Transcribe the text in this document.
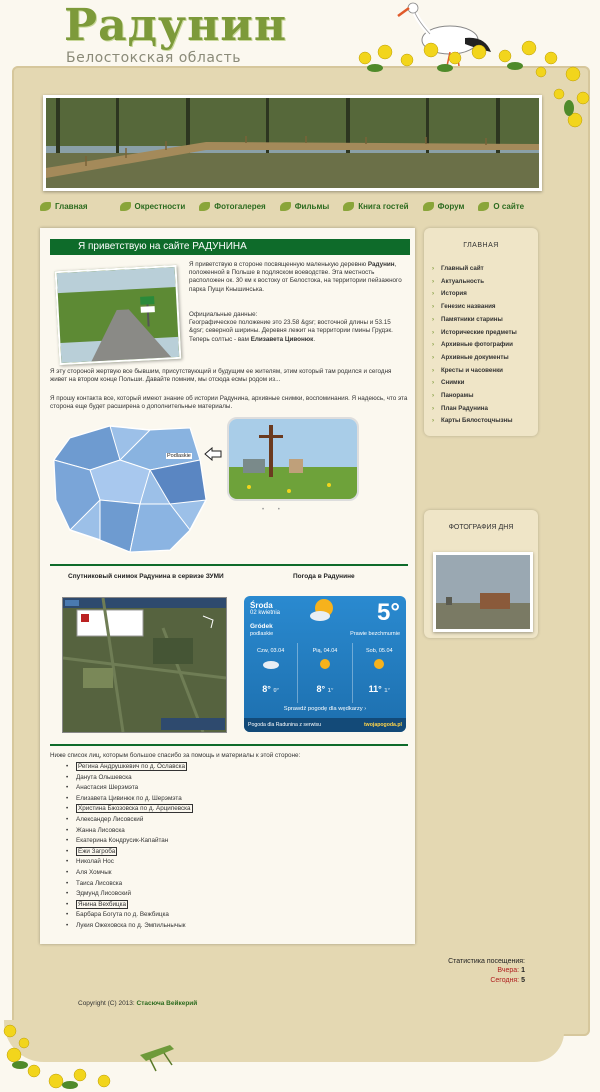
Радунин
Белостокская область
Главная	Окрестности	Фотогалерея	Фильмы	Книга гостей	Форум	О сайте
Я приветствую на сайте РАДУНИНА
Я приветствую в стороне посвященную маленькую деревню Радунин, положенной в Польше в подляском воеводстве. Эта местность расположен ок. 30 км к востоку от Белостока, на территории пейзажного парка Пущи Кнышинська.
Официальные данные:
Географическое положение это 23.58 &gsr; восточной длины и 53.15 &gsr; северной ширины. Деревня лежит на территории гмины Грудэк. Теперь солтыс - вам Елизавета Цивонюк.
Я эту стороной жертвую все бывшим, присутствующий и будущим ее жителям, этим который там родился и сегодня живет на втором конце Польши. Давайте помним, мы отсюда есмы родом из...
Я прошу контакта все, который имеют знание об истории Радунина, архивные снимки, воспоминания. Я надеюсь, что эта сторона еще будет расширена о дополнительные материалы.
Podlaskie
• •
Спутниковый снимок Радунина в сервизе ЗУМИ	Погода в Радунине
Środa
02 kwietnia	5°
Gródek
podlaskie	Prawie bezchmurnie
Czw, 03.04
8° 0°
Pią, 04.04
8° 1°
Sob, 05.04
11° 1°
Sprawdź pogodę dla wędkarzy ›
Pogoda dla Radunina z serwisu	twojapogoda.pl
Ниже список лиц, которым большое спасибо за помощь и материалы к этой стороне:
• Регина Андрушкевич по д. Ославска
• Данута Ольшевска
• Анастасия Шерэмэта
• Елизавета Цивинюк по д. Шерэмэта
• Христина Бжозовска по д. Арципевска
• Александер Лисовский
• Жанна Лисовска
• Екатерина Кондрусик-Капайтан
• Ежи Загроба
• Николай Нос
• Аля Хомчык
• Таиса Лисовска
• Эдмунд Лисовский
• Янина Вехбицка
• Барбара Богута по д. Вежбицка
• Лукия Ожеховска по д. Эмпильнычык
ГЛАВНАЯ
› Главный сайт
› Актуальность
› История
› Генезис названия
› Памятники старины
› Исторические предметы
› Архивные фотографии
› Архивные документы
› Кресты и часовенки
› Снимки
› Панорамы
› План Радунина
› Карты Бялостоцчызны
ФОТОГРАФИЯ ДНЯ
Статистика посещения:
Вчера: 1
Сегодня: 5
Copyright (C) 2013: Стасюча Вейкерий
